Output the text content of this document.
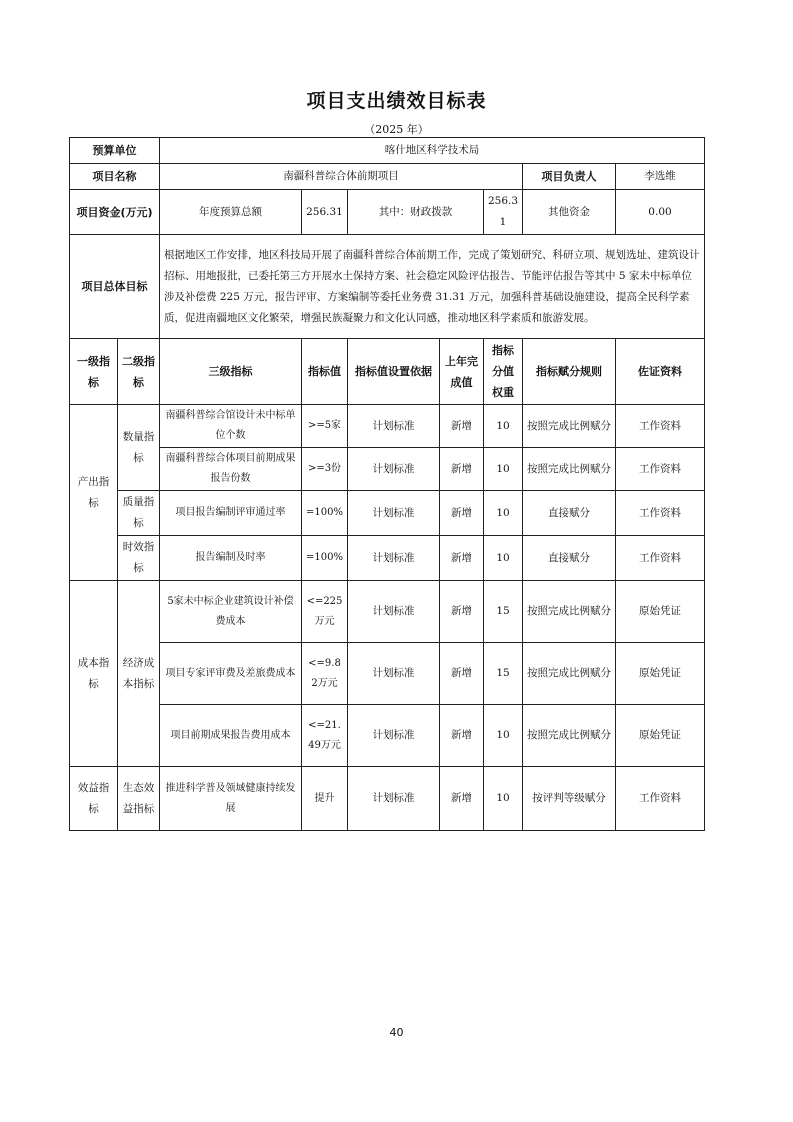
项目支出绩效目标表
（2025 年）
预算单位		喀什地区科学技术局						
项目名称		南疆科普综合体前期项目					项目负责人	李选维
项目资金(万元)		年度预算总额	256.31	其中：财政拨款		256.31	其他资金	0.00
项目总体目标		根据地区工作安排，地区科技局开展了南疆科普综合体前期工作，完成了策划研究、科研立项、规划选址、建筑设计招标、用地报批，已委托第三方开展水土保持方案、社会稳定风险评估报告、节能评估报告等其中 5 家未中标单位涉及补偿费 225 万元，报告评审、方案编制等委托业务费 31.31 万元，加强科普基础设施建设，提高全民科学素质，促进南疆地区文化繁荣，增强民族凝聚力和文化认同感，推动地区科学素质和旅游发展。						
一级指标	二级指标	三级指标	指标值	指标值设置依据	上年完成值	指标分值权重	指标赋分规则	佐证资料
产出指标	数量指标	南疆科普综合馆设计未中标单位个数	>=5家	计划标准	新增	10	按照完成比例赋分	工作资料
		南疆科普综合体项目前期成果报告份数	>=3份	计划标准	新增	10	按照完成比例赋分	工作资料
	质量指标	项目报告编制评审通过率	=100%	计划标准	新增	10	直接赋分	工作资料
	时效指标	报告编制及时率	=100%	计划标准	新增	10	直接赋分	工作资料
成本指标	经济成本指标	5家未中标企业建筑设计补偿费成本	<=225万元	计划标准	新增	15	按照完成比例赋分	原始凭证
		项目专家评审费及差旅费成本	<=9.82万元	计划标准	新增	15	按照完成比例赋分	原始凭证
		项目前期成果报告费用成本	<=21.49万元	计划标准	新增	10	按照完成比例赋分	原始凭证
效益指标	生态效益指标	推进科学普及领域健康持续发展	提升	计划标准	新增	10	按评判等级赋分	工作资料
40
